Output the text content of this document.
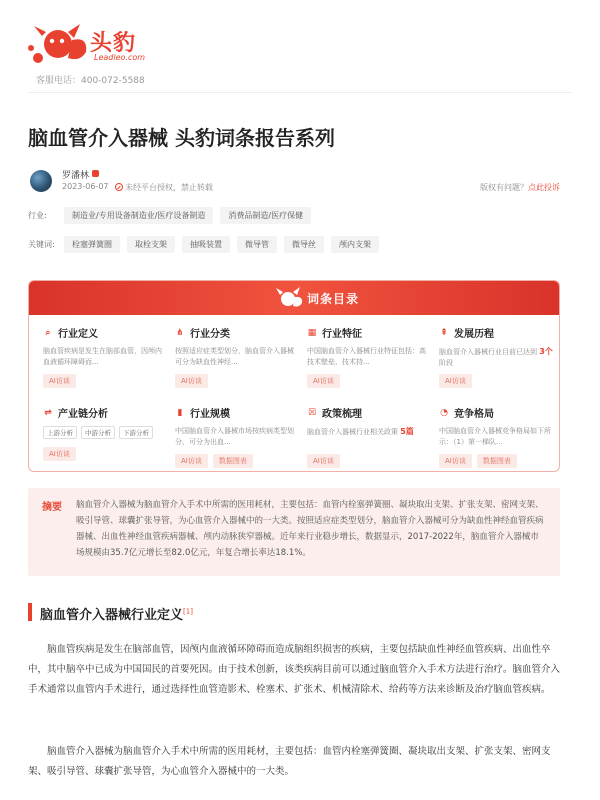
头豹
Leadleo.com
客服电话：400-072-5588
脑血管介入器械 头豹词条报告系列
罗潘林
2023-06-07	未经平台授权，禁止转载	版权有问题？点此投诉
行业:	制造业/专用设备制造业/医疗设备制造	消费品制造/医疗保健
关键词:	栓塞弹簧圈	取栓支架	抽吸装置	微导管	微导丝	颅内支架
词条目录
⌕ 行业定义
脑血管疾病是发生在脑部血管，因颅内血液循环障碍而...
AI访谈
⋔ 行业分类
按照适应症类型划分，脑血管介入器械可分为缺血性神经...
AI访谈
▦ 行业特征
中国脑血管介入器械行业特征包括：高技术壁垒、技术持...
AI访谈
⇞ 发展历程
脑血管介入器械行业目前已达到 3个阶段
AI访谈
⇌ 产业链分析
上游分析	中游分析	下游分析
AI访谈
▮ 行业规模
中国脑血管介入器械市场按疾病类型划分，可分为出血...
AI访谈	数据图表
☒ 政策梳理
脑血管介入器械行业相关政策 5篇
AI访谈
◔ 竞争格局
中国脑血管介入器械竞争格局如下所示：（1）第一梯队...
AI访谈	数据图表
摘要 脑血管介入器械为脑血管介入手术中所需的医用耗材，主要包括：血管内栓塞弹簧圈、凝块取出支架、扩张支架、密网支架、吸引导管、球囊扩张导管，为心血管介入器械中的一大类。按照适应症类型划分，脑血管介入器械可分为缺血性神经血管疾病器械、出血性神经血管疾病器械、颅内动脉狭窄器械。近年来行业稳步增长，数据显示，2017-2022年，脑血管介入器械市场规模由35.7亿元增长至82.0亿元，年复合增长率达18.1%。
脑血管介入器械行业定义[1]

脑血管疾病是发生在脑部血管，因颅内血液循环障碍而造成脑组织损害的疾病，主要包括缺血性神经血管疾病、出血性卒中，其中脑卒中已成为中国国民的首要死因。由于技术创新，该类疾病目前可以通过脑血管介入手术方法进行治疗。脑血管介入手术通常以血管内手术进行，通过选择性血管造影术、栓塞术、扩张术、机械清除术、给药等方法来诊断及治疗脑血管疾病。

脑血管介入器械为脑血管介入手术中所需的医用耗材，主要包括：血管内栓塞弹簧圈、凝块取出支架、扩张支架、密网支架、吸引导管、球囊扩张导管，为心血管介入器械中的一大类。
